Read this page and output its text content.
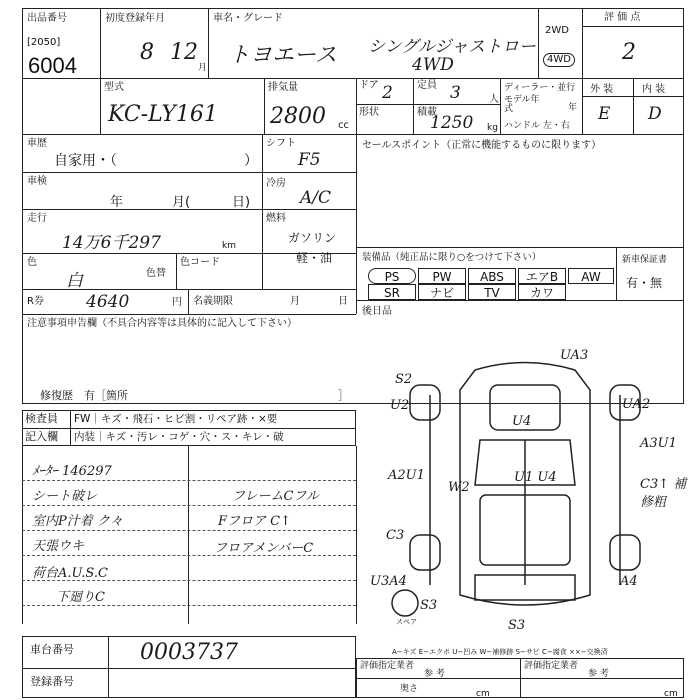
出品番号
[2050]
6004
初度登録年月
8 12
月
車名・グレード
トヨエース シングルジャストロー
4WD
2WD
4WD
評 価 点
2
型式
KC-LY161
排気量
2800 cc
ドア 2 定員 3	人
形状	積載
1250 kg
ディーラー・並行
モデル年式	年
ハンドル 左・右
外 装	内 装
E D
車歴
自家用・（	）
シフト
F5
車検
年	月(	日)
冷房
A/C
走行
14万6千297	km
燃料
ガソリン
軽・油
色
白	色替
色コード
R券 4640	円 名義期限	月	日
セールスポイント（正常に機能するものに限ります）
装備品（純正品に限り○をつけて下さい）
PS	PW	ABS	エアB	AW
SR	ナビ	TV	カワ
新車保証書
有・無
後日品
注意事項申告欄（不具合内容等は具体的に記入して下さい）
修復歴　有［箇所	］
検査員
記入欄
FW｜キズ・飛石・ヒビ割・リペア跡・×要
内装｜キズ・汚レ・コゲ・穴・ス・キレ・破
ﾒｰﾀｰ 146297
シート破レ
室内P汁着 ク々
天張ウキ
荷台A.U.S.C
下廻りC
フレームCフル
Fフロア C↑
フロアメンバーC
UA3
S2
U2
U4
UA2
A3U1
A2U1
W2
U1 U4
C3
C3↑ 補修粗
U3A4	A4
S3
S3
スペア
A−キズ E−エクボ U−凹み W−補修跡 S−サビ C−腐食 ××−交換済
評価指定業者
参 考
評価指定業者
参 考
奥さ	cm	cm
車台番号	0003737
登録番号
